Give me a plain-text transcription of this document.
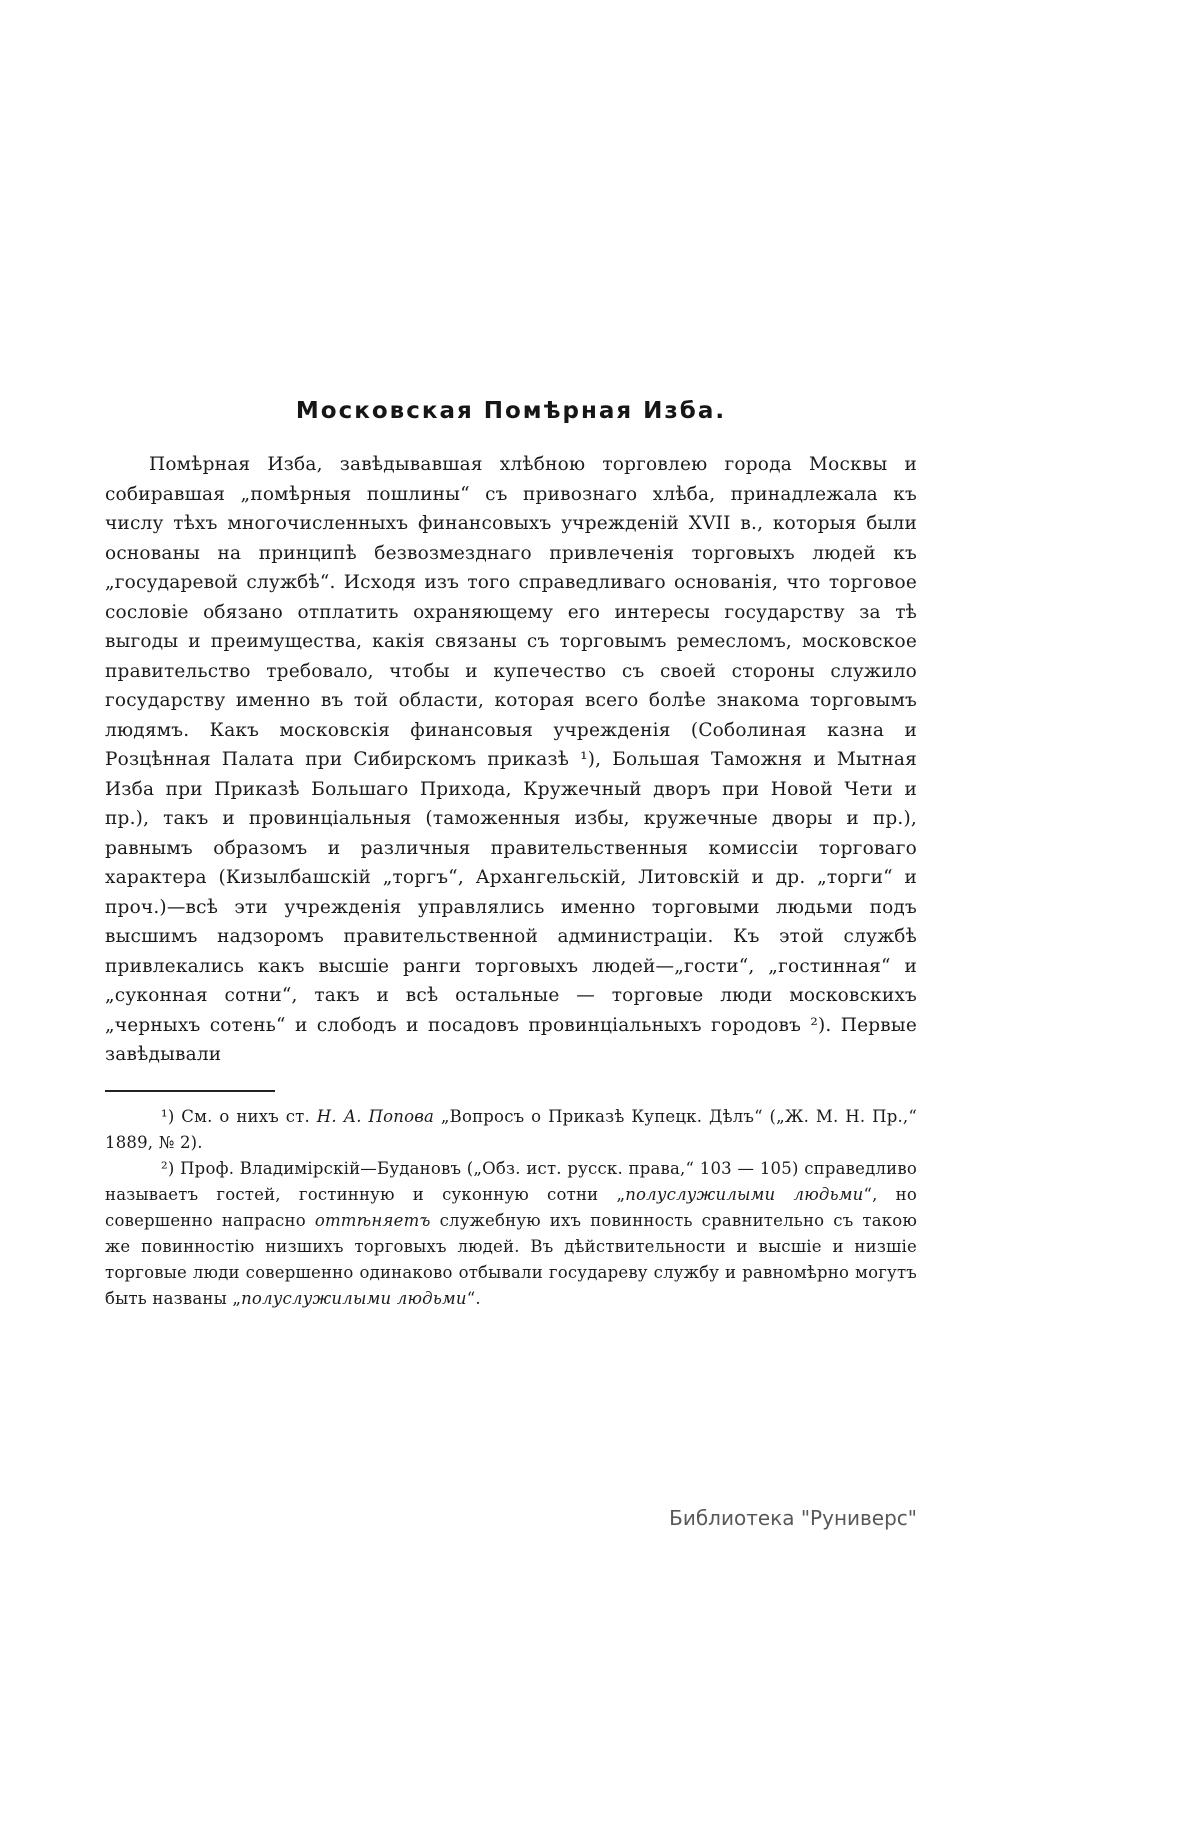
Московская Помѣрная Изба.

Помѣрная Изба, завѣдывавшая хлѣбною торговлею города Москвы и собиравшая „помѣрныя пошлины“ съ привознаго хлѣба, принадлежала къ числу тѣхъ многочисленныхъ финансовыхъ учрежденій XVII в., которыя были основаны на принципѣ безвозмезднаго привлеченія торговыхъ людей къ „государевой службѣ“. Исходя изъ того справедливаго основанія, что торговое сословіе обязано отплатить охраняющему его интересы государству за тѣ выгоды и преимущества, какія связаны съ торговымъ ремесломъ, московское правительство требовало, чтобы и купечество съ своей стороны служило государству именно въ той области, которая всего болѣе знакома торговымъ людямъ. Какъ московскія финансовыя учрежденія (Соболиная казна и Розцѣнная Палата при Сибирскомъ приказѣ ¹), Большая Таможня и Мытная Изба при Приказѣ Большаго Прихода, Кружечный дворъ при Новой Чети и пр.), такъ и провинціальныя (таможенныя избы, кружечные дворы и пр.), равнымъ образомъ и различныя правительственныя комиссіи торговаго характера (Кизылбашскій „торгъ“, Архангельскій, Литовскій и др. „торги“ и проч.)—всѣ эти учрежденія управлялись именно торговыми людьми подъ высшимъ надзоромъ правительственной администраціи. Къ этой службѣ привлекались какъ высшіе ранги торговыхъ людей—„гости“, „гостинная“ и „суконная сотни“, такъ и всѣ остальные — торговые люди московскихъ „черныхъ сотень“ и слободъ и посадовъ провинціальныхъ городовъ ²). Первые завѣдывали

¹) См. о нихъ ст. Н. А. Попова „Вопросъ о Приказѣ Купецк. Дѣлъ“ („Ж. М. Н. Пр.,“ 1889, № 2).

²) Проф. Владимірскій—Будановъ („Обз. ист. русск. права,“ 103 — 105) справедливо называетъ гостей, гостинную и суконную сотни „полуслужилыми людьми“, но совершенно напрасно оттѣняетъ служебную ихъ повинность сравнительно съ такою же повинностію низшихъ торговыхъ людей. Въ дѣйствительности и высшіе и низшіе торговые люди совершенно одинаково отбывали государеву службу и равномѣрно могутъ быть названы „полуслужилыми людьми“.

Библиотека "Руниверс"
